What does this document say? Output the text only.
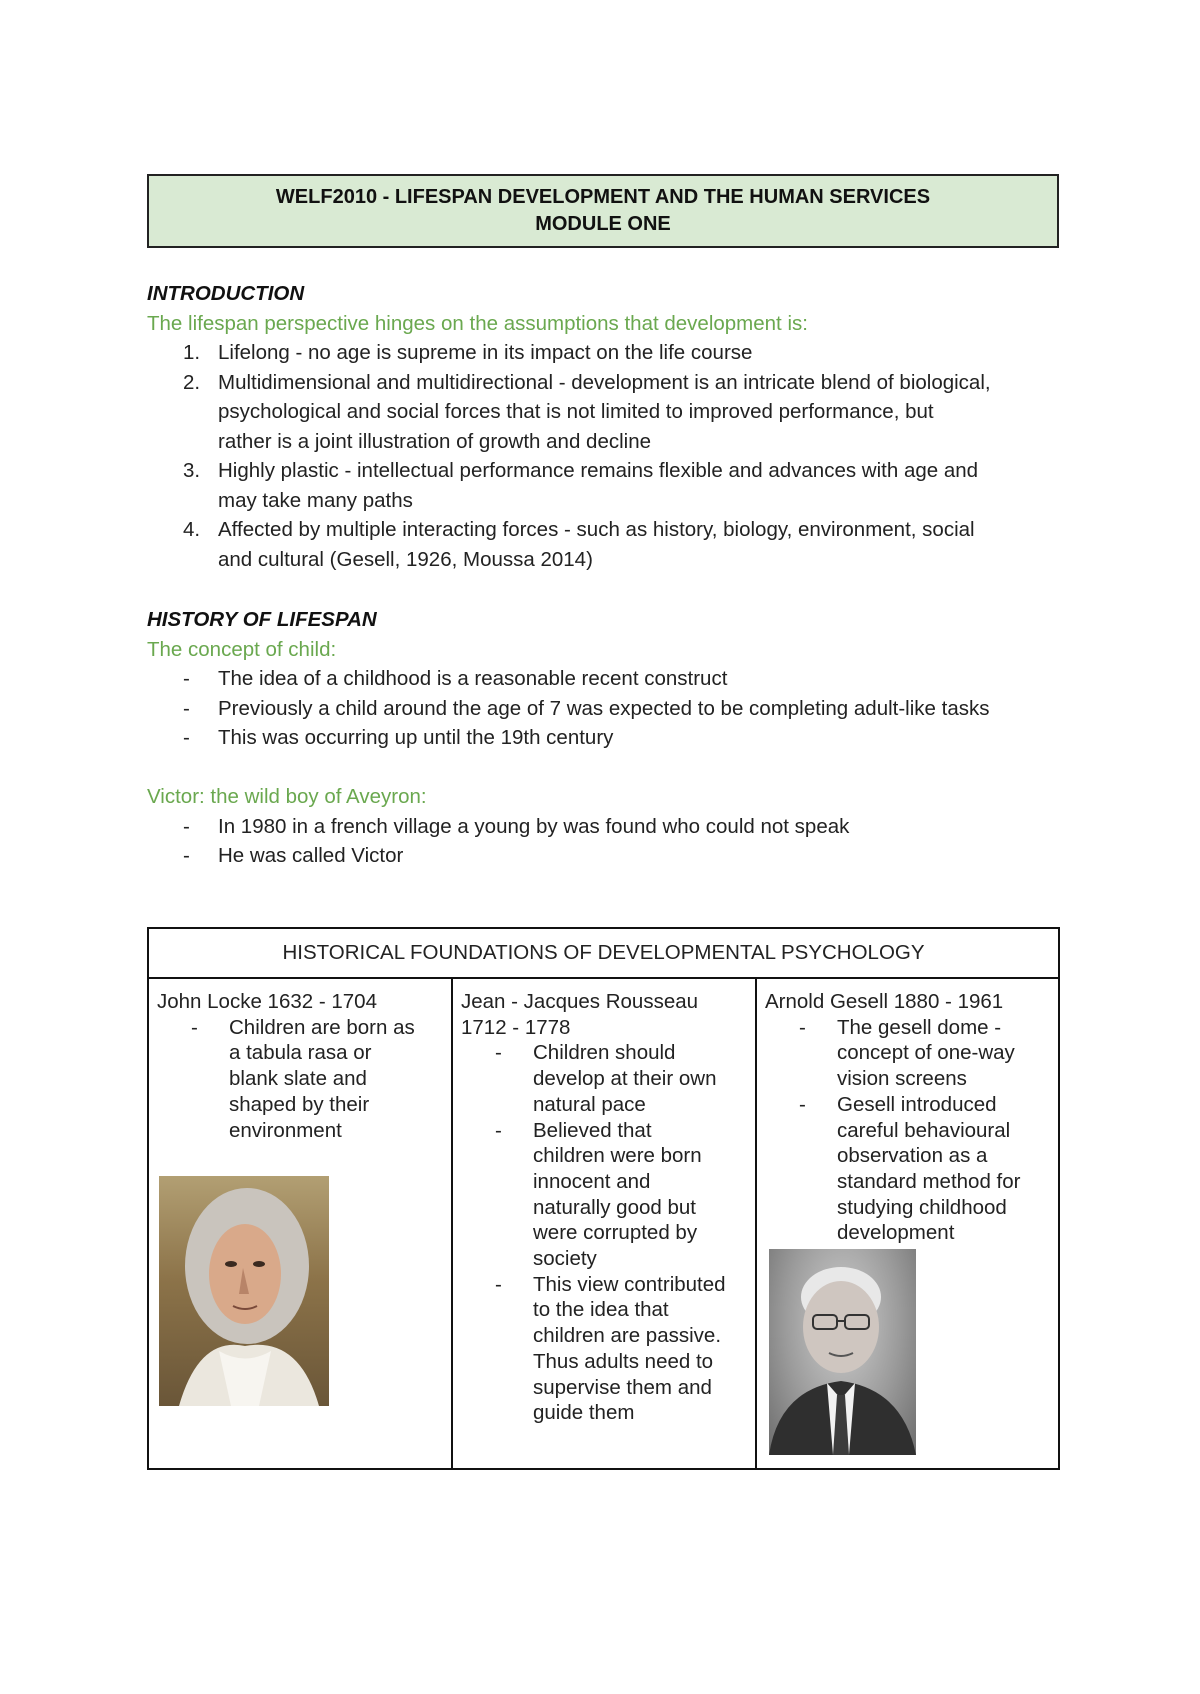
WELF2010 - LIFESPAN DEVELOPMENT AND THE HUMAN SERVICES
MODULE ONE
INTRODUCTION
The lifespan perspective hinges on the assumptions that development is:
1. Lifelong - no age is supreme in its impact on the life course
2. Multidimensional and multidirectional - development is an intricate blend of biological,
psychological and social forces that is not limited to improved performance, but
rather is a joint illustration of growth and decline
3. Highly plastic - intellectual performance remains flexible and advances with age and
may take many paths
4. Affected by multiple interacting forces - such as history, biology, environment, social
and cultural (Gesell, 1926, Moussa 2014)
HISTORY OF LIFESPAN
The concept of child:
- The idea of a childhood is a reasonable recent construct
- Previously a child around the age of 7 was expected to be completing adult-like tasks
- This was occurring up until the 19th century
Victor: the wild boy of Aveyron:
- In 1980 in a french village a young by was found who could not speak
- He was called Victor
HISTORICAL FOUNDATIONS OF DEVELOPMENTAL PSYCHOLOGY
John Locke 1632 - 1704
- Children are born as
a tabula rasa or
blank slate and
shaped by their
environment
Jean - Jacques Rousseau
1712 - 1778
- Children should
develop at their own
natural pace
- Believed that
children were born
innocent and
naturally good but
were corrupted by
society
- This view contributed
to the idea that
children are passive.
Thus adults need to
supervise them and
guide them
Arnold Gesell 1880 - 1961
- The gesell dome -
concept of one-way
vision screens
- Gesell introduced
careful behavioural
observation as a
standard method for
studying childhood
development
